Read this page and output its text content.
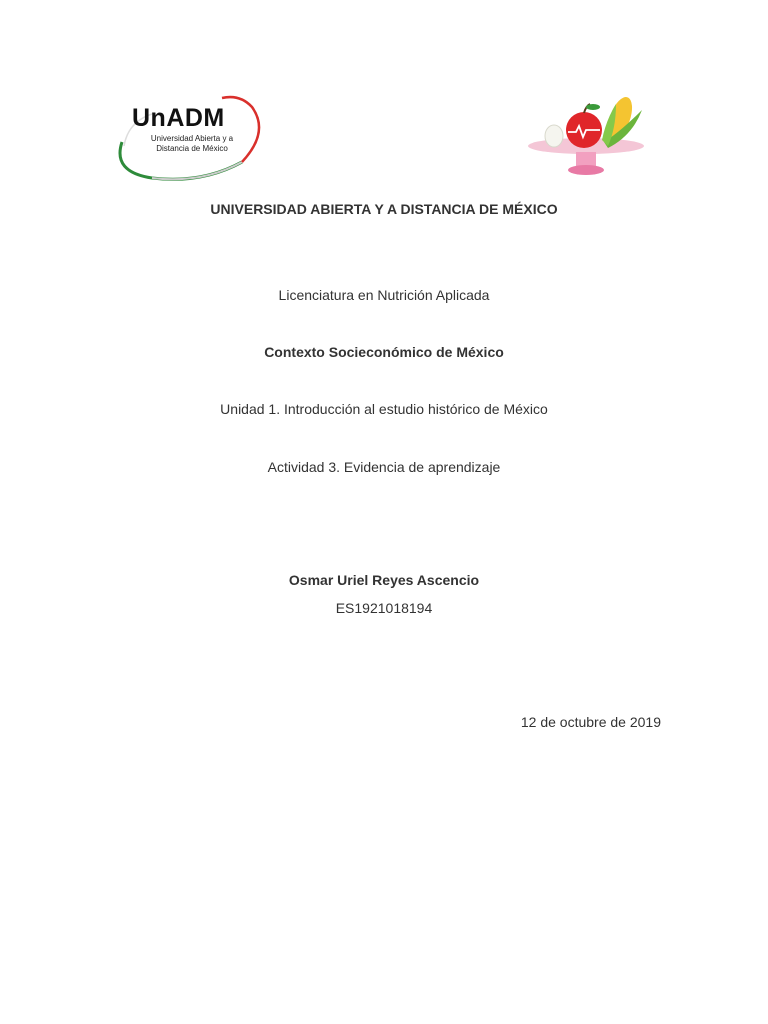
UnADM
Universidad Abierta y a Distancia de México
UNIVERSIDAD ABIERTA Y A DISTANCIA DE MÉXICO
Licenciatura en Nutrición Aplicada
Contexto Socieconómico de México
Unidad 1. Introducción al estudio histórico de México
Actividad 3. Evidencia de aprendizaje
Osmar Uriel Reyes Ascencio
ES1921018194
12 de octubre de 2019
